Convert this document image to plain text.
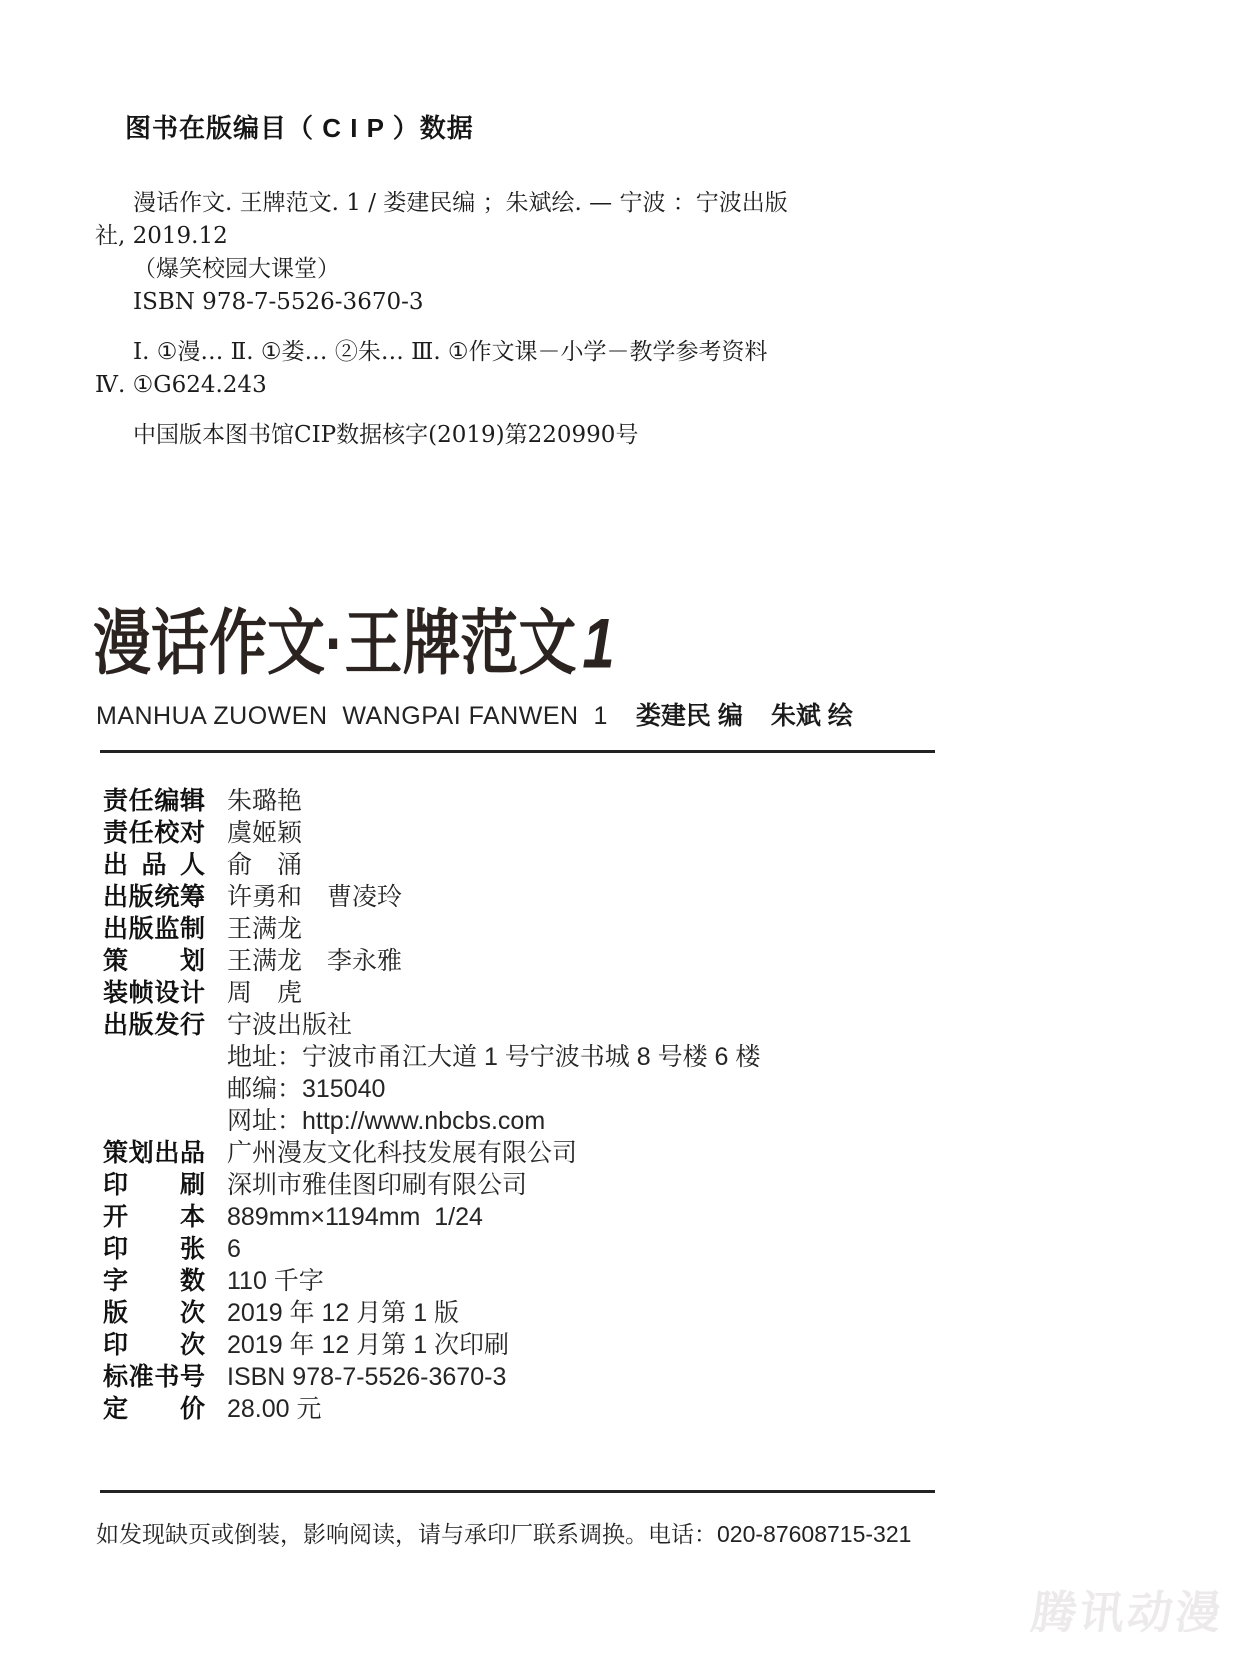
图书在版编目（ C I P ）数据
漫话作文. 王牌范文. 1 / 娄建民编 ；朱斌绘. — 宁波 ：宁波出版
社, 2019.12
（爆笑校园大课堂）
ISBN 978-7-5526-3670-3
Ⅰ. ①漫… Ⅱ. ①娄… ②朱… Ⅲ. ①作文课－小学－教学参考资料
Ⅳ. ①G624.243
中国版本图书馆CIP数据核字(2019)第220990号
漫话作文·王牌范文 1
MANHUA ZUOWEN  WANGPAI FANWEN  1 娄建民 编 朱斌 绘
责任编辑 朱璐艳
责任校对 虞姬颖
出品人 俞　涌
出版统筹 许勇和　曹凌玲
出版监制 王满龙
策划 王满龙　李永雅
装帧设计 周　虎
出版发行 宁波出版社
地址：宁波市甬江大道 1 号宁波书城 8 号楼 6 楼
邮编：315040
网址：http://www.nbcbs.com
策划出品 广州漫友文化科技发展有限公司
印刷 深圳市雅佳图印刷有限公司
开本 889mm×1194mm  1/24
印张 6
字数 110 千字
版次 2019 年 12 月第 1 版
印次 2019 年 12 月第 1 次印刷
标准书号 ISBN 978-7-5526-3670-3
定价 28.00 元
如发现缺页或倒装，影响阅读，请与承印厂联系调换。电话：020-87608715-321
腾讯动漫
